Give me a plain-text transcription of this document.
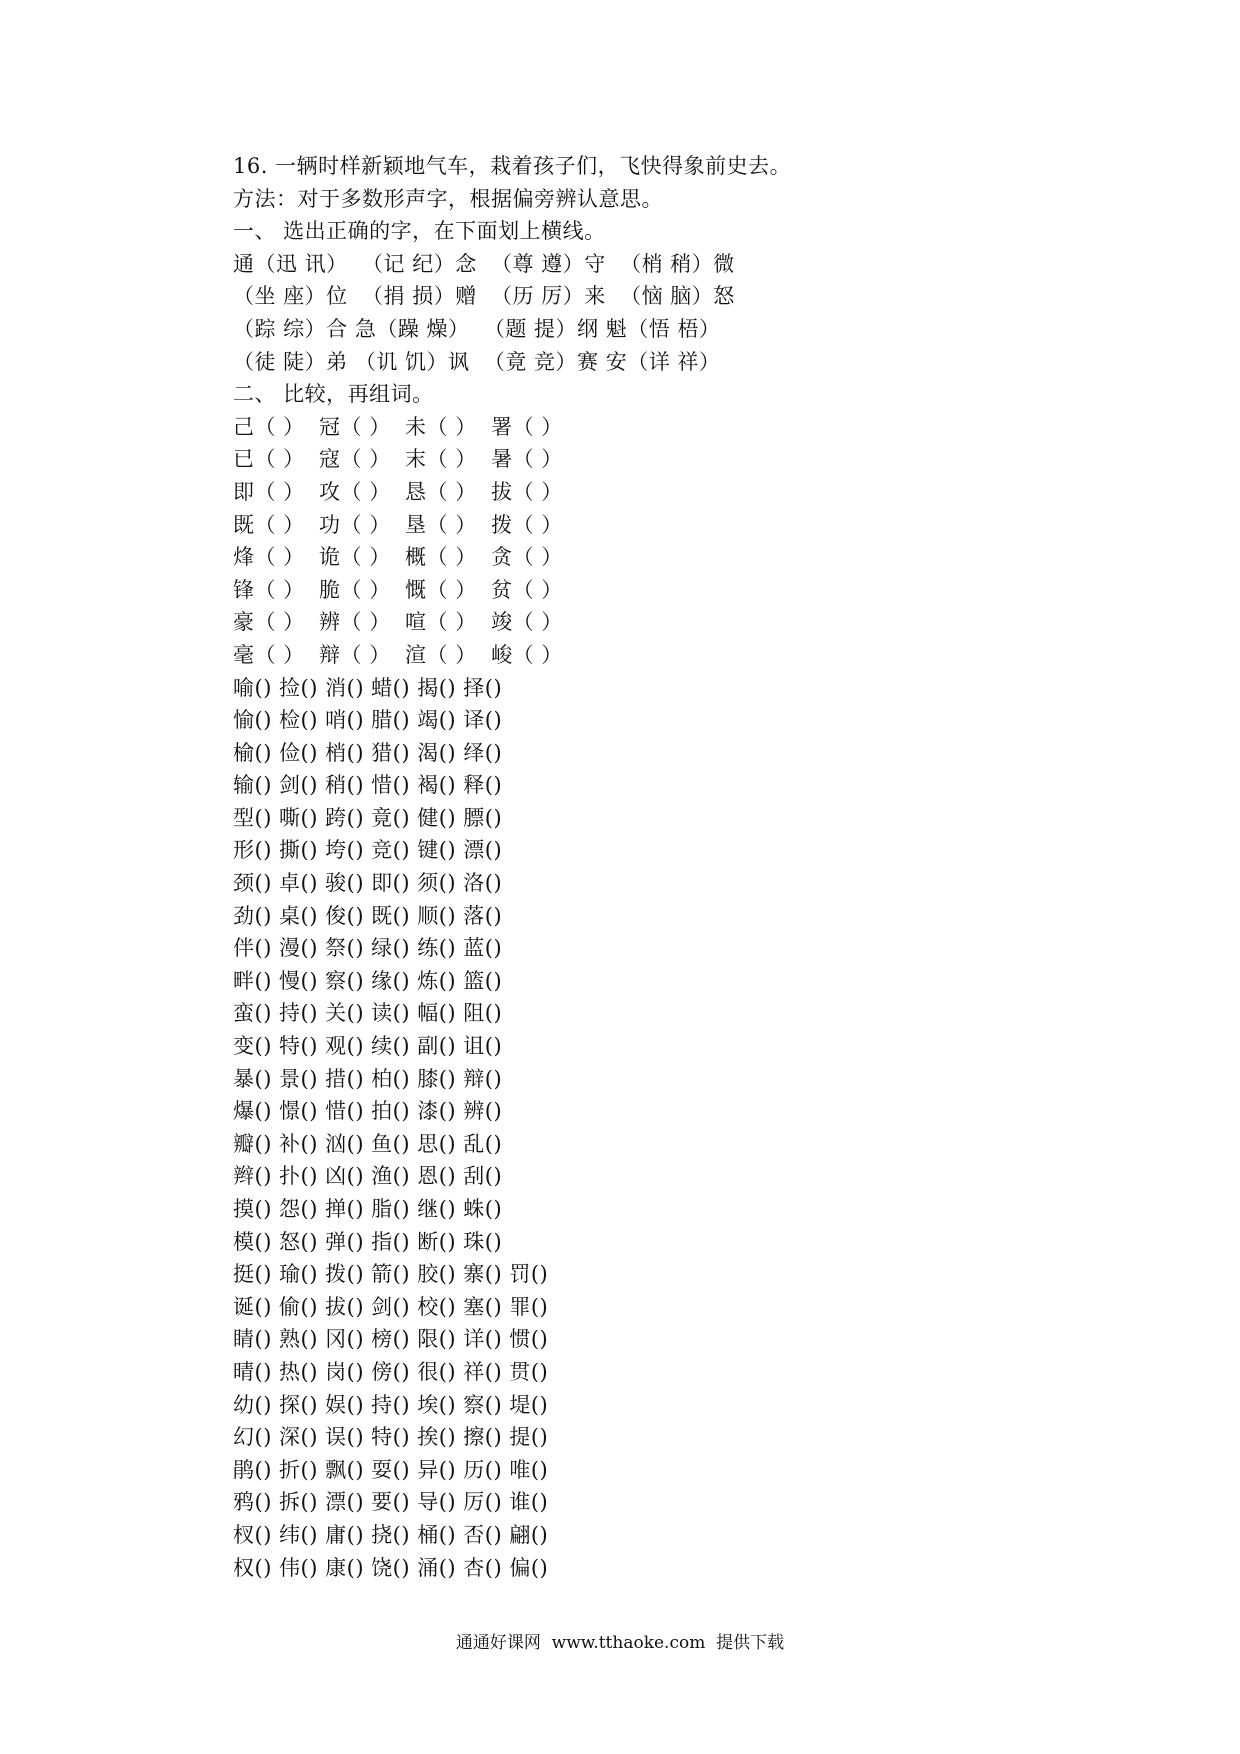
16. 一辆时样新颖地气车，栽着孩子们，飞快得象前史去。
方法：对于多数形声字，根据偏旁辨认意思。
一、 选出正确的字，在下面划上横线。
通（迅 讯）  （记 纪）念  （尊 遵）守  （梢 稍）微
（坐 座）位  （捐 损）赠  （历 厉）来  （恼 脑）怒
（踪 综）合 急（躁 燥）  （题 提）纲 魁（悟 梧）
（徒 陡）弟 （讥 饥）讽  （竟 竞）赛 安（详 祥）
二、 比较，再组词。
己（ ）  冠（ ）  未（ ）  署（ ）
已（ ）  寇（ ）  末（ ）  暑（ ）
即（ ）  攻（ ）  恳（ ）  拔（ ）
既（ ）  功（ ）  垦（ ）  拨（ ）
烽（ ）  诡（ ）  概（ ）  贪（ ）
锋（ ）  脆（ ）  慨（ ）  贫（ ）
豪（ ）  辨（ ）  喧（ ）  竣（ ）
毫（ ）  辩（ ）  渲（ ）  峻（ ）
喻() 捡() 消() 蜡() 揭() 择()
愉() 检() 哨() 腊() 竭() 译()
榆() 俭() 梢() 猎() 渴() 绎()
输() 剑() 稍() 惜() 褐() 释()
型() 嘶() 跨() 竟() 健() 膘()
形() 撕() 垮() 竞() 键() 漂()
颈() 卓() 骏() 即() 须() 洛()
劲() 桌() 俊() 既() 顺() 落()
伴() 漫() 祭() 绿() 练() 蓝()
畔() 慢() 察() 缘() 炼() 篮()
蛮() 持() 关() 读() 幅() 阻()
变() 特() 观() 续() 副() 诅()
暴() 景() 措() 柏() 膝() 辩()
爆() 憬() 惜() 拍() 漆() 辨()
瓣() 补() 汹() 鱼() 思() 乱()
辫() 扑() 凶() 渔() 恩() 刮()
摸() 怨() 掸() 脂() 继() 蛛()
模() 怒() 弹() 指() 断() 珠()
挺() 瑜() 拨() 箭() 胶() 寨() 罚()
诞() 偷() 拔() 剑() 校() 塞() 罪()
睛() 熟() 冈() 榜() 限() 详() 惯()
晴() 热() 岗() 傍() 很() 祥() 贯()
幼() 探() 娱() 持() 埃() 察() 堤()
幻() 深() 误() 特() 挨() 擦() 提()
鹃() 折() 飘() 耍() 异() 历() 唯()
鸦() 拆() 漂() 要() 导() 厉() 谁()
杈() 纬() 庸() 挠() 桶() 否() 翩()
权() 伟() 康() 饶() 涌() 杏() 偏()
通通好课网  www.tthaoke.com  提供下载
